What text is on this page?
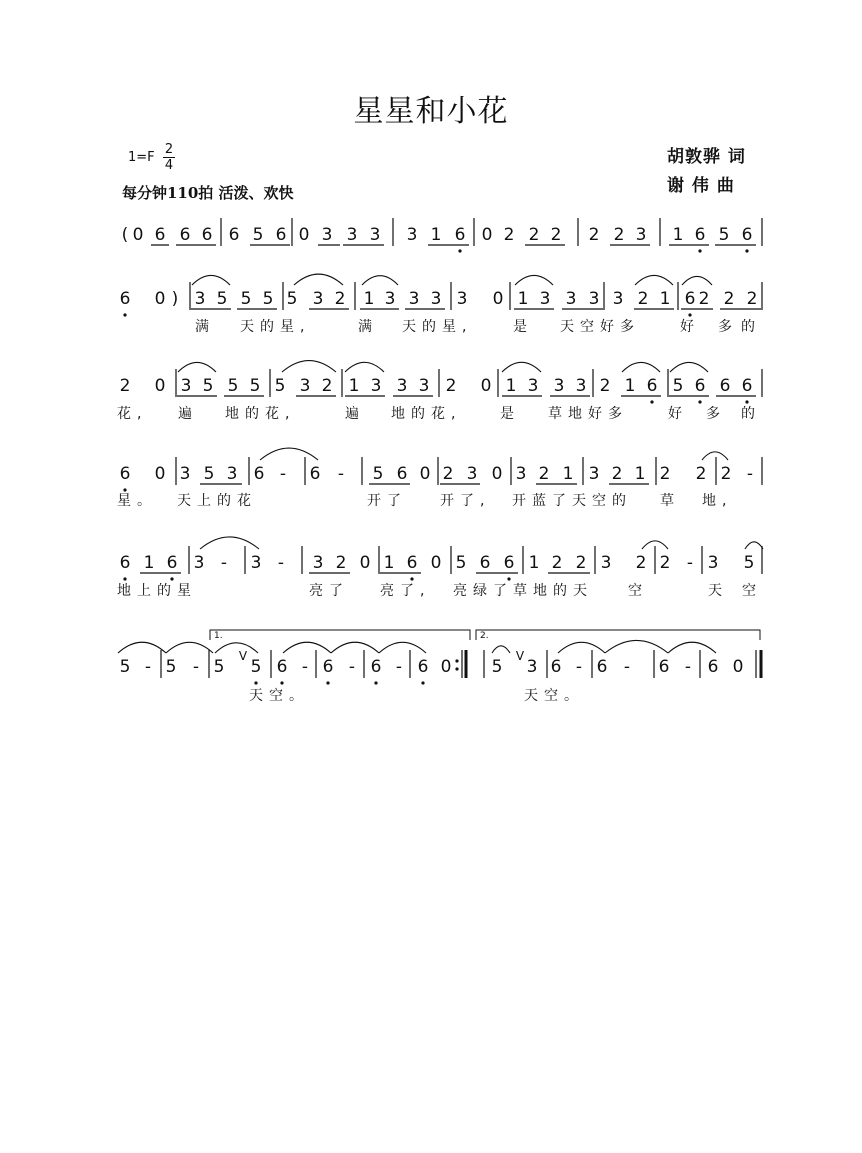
星星和小花
1=F
2
4
每分钟110拍 活泼、欢快
胡敦骅 词
谢 伟 曲
( 0 6 6 6 6 5 6 0 3 3 3 3 1 6 0 2 2 2 2 2 3 1 6 5 6
6 0 ) 3 5 5 5 5 3 2 1 3 3 3 3 0 1 3 3 3 3 2 1 6 2 2 2
满 天的星,	满 天的星,	是 天空好多	好 多 的
2 0 3 5 5 5 5 3 2 1 3 3 3 2 0 1 3 3 3 2 1 6 5 6 6 6
花, 遍 地的花,	遍 地的花,	是 草地好多	好 多 的
6 0 3 5 3 6 - 6 - 5 6 0 2 3 0 3 2 1 3 2 1 2 2 2 -
星。 天上的花	开了 开了, 开蓝了天空的 草 地,
6 1 6 3 - 3 - 3 2 0 1 6 0 5 6 6 1 2 2 3 2 2 - 3 5
地上的星	亮了 亮了, 亮绿了草地的天	空	天 空
5 - 5 - 5 5 6 - 6 - 6 - 6 0 5 3 6 - 6 - 6 - 6 0
天空。	天空。
V	V
1.	2.
